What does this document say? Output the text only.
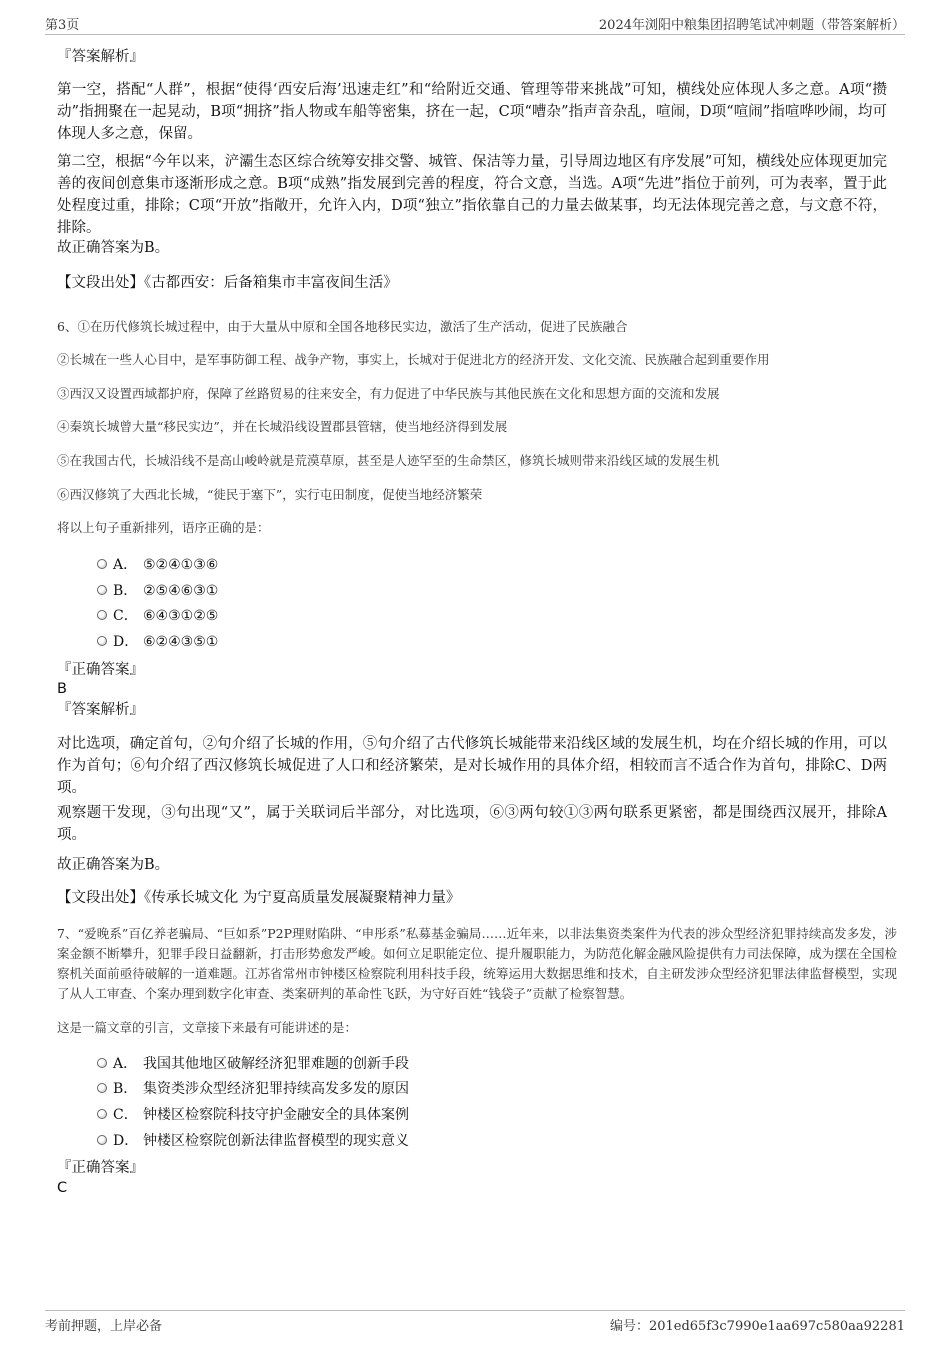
第3页	2024年浏阳中粮集团招聘笔试冲刺题（带答案解析）
『答案解析』
第一空，搭配“人群”，根据“使得‘西安后海’迅速走红”和“给附近交通、管理等带来挑战”可知，横线处应体现人多之意。A项“攒动”指拥聚在一起晃动，B项“拥挤”指人物或车船等密集，挤在一起，C项“嘈杂”指声音杂乱，喧闹，D项“喧闹”指喧哗吵闹，均可体现人多之意，保留。
第二空，根据“今年以来，浐灞生态区综合统筹安排交警、城管、保洁等力量，引导周边地区有序发展”可知，横线处应体现更加完善的夜间创意集市逐渐形成之意。B项“成熟”指发展到完善的程度，符合文意，当选。A项“先进”指位于前列，可为表率，置于此处程度过重，排除；C项“开放”指敞开，允许入内，D项“独立”指依靠自己的力量去做某事，均无法体现完善之意，与文意不符，排除。
故正确答案为B。
【文段出处】《古都西安：后备箱集市丰富夜间生活》
6、①在历代修筑长城过程中，由于大量从中原和全国各地移民实边，激活了生产活动，促进了民族融合
②长城在一些人心目中，是军事防御工程、战争产物，事实上，长城对于促进北方的经济开发、文化交流、民族融合起到重要作用
③西汉又设置西域都护府，保障了丝路贸易的往来安全，有力促进了中华民族与其他民族在文化和思想方面的交流和发展
④秦筑长城曾大量“移民实边”，并在长城沿线设置郡县管辖，使当地经济得到发展
⑤在我国古代，长城沿线不是高山峻岭就是荒漠草原，甚至是人迹罕至的生命禁区，修筑长城则带来沿线区域的发展生机
⑥西汉修筑了大西北长城，“徙民于塞下”，实行屯田制度，促使当地经济繁荣
将以上句子重新排列，语序正确的是：
A． ⑤②④①③⑥
B． ②⑤④⑥③①
C． ⑥④③①②⑤
D． ⑥②④③⑤①
『正确答案』
B
『答案解析』
对比选项，确定首句，②句介绍了长城的作用，⑤句介绍了古代修筑长城能带来沿线区域的发展生机，均在介绍长城的作用，可以作为首句；⑥句介绍了西汉修筑长城促进了人口和经济繁荣，是对长城作用的具体介绍，相较而言不适合作为首句，排除C、D两项。
观察题干发现，③句出现“又”，属于关联词后半部分，对比选项，⑥③两句较①③两句联系更紧密，都是围绕西汉展开，排除A项。
故正确答案为B。
【文段出处】《传承长城文化 为宁夏高质量发展凝聚精神力量》
7、“爱晚系”百亿养老骗局、“巨如系”P2P理财陷阱、“申彤系”私募基金骗局……近年来，以非法集资类案件为代表的涉众型经济犯罪持续高发多发，涉案金额不断攀升，犯罪手段日益翻新，打击形势愈发严峻。如何立足职能定位、提升履职能力，为防范化解金融风险提供有力司法保障，成为摆在全国检察机关面前亟待破解的一道难题。江苏省常州市钟楼区检察院利用科技手段，统筹运用大数据思维和技术，自主研发涉众型经济犯罪法律监督模型，实现了从人工审查、个案办理到数字化审查、类案研判的革命性飞跃，为守好百姓“钱袋子”贡献了检察智慧。
这是一篇文章的引言，文章接下来最有可能讲述的是：
A． 我国其他地区破解经济犯罪难题的创新手段
B． 集资类涉众型经济犯罪持续高发多发的原因
C． 钟楼区检察院科技守护金融安全的具体案例
D． 钟楼区检察院创新法律监督模型的现实意义
『正确答案』
C
考前押题，上岸必备	编号：201ed65f3c7990e1aa697c580aa92281
